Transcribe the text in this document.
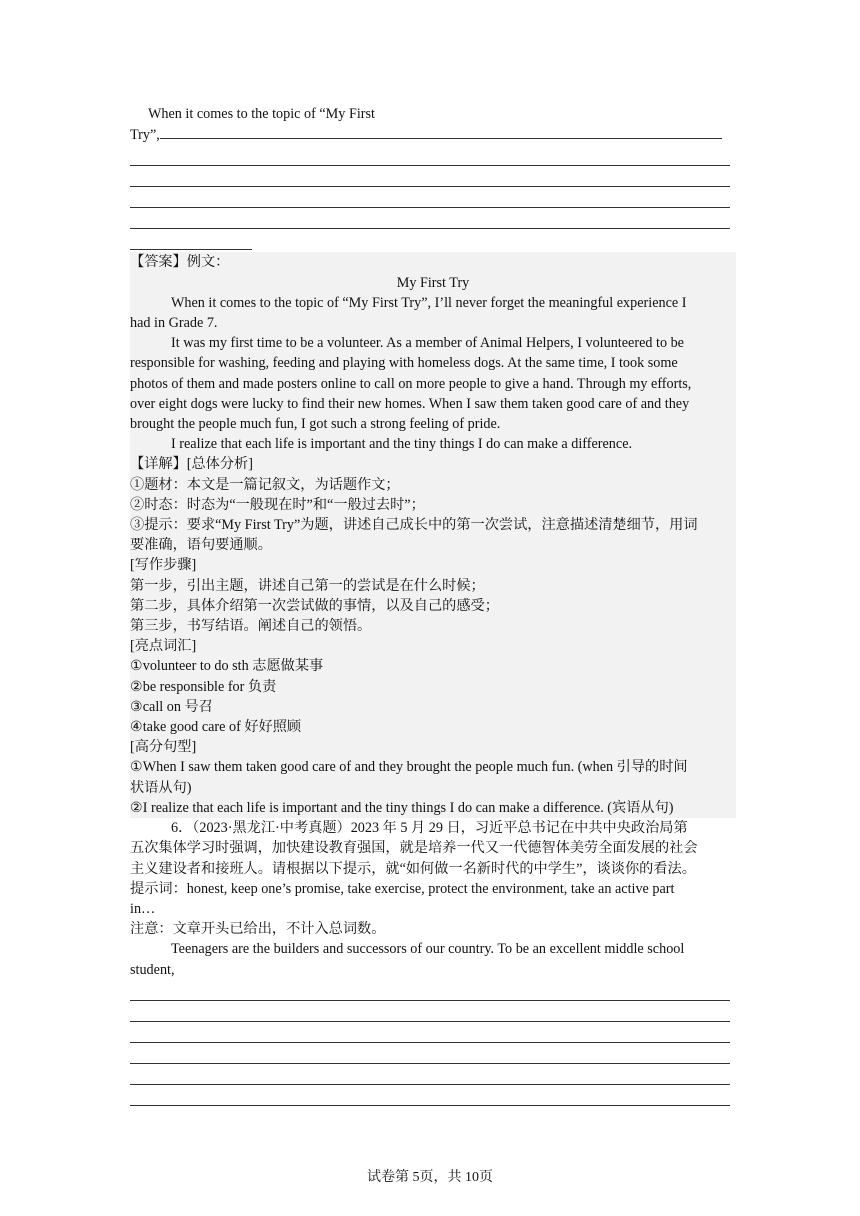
When it comes to the topic of “My First
Try”,
【答案】例文：
My First Try
When it comes to the topic of “My First Try”, I’ll never forget the meaningful experience I
had in Grade 7.
It was my first time to be a volunteer. As a member of Animal Helpers, I volunteered to be
responsible for washing, feeding and playing with homeless dogs. At the same time, I took some
photos of them and made posters online to call on more people to give a hand. Through my efforts,
over eight dogs were lucky to find their new homes. When I saw them taken good care of and they
brought the people much fun, I got such a strong feeling of pride.
I realize that each life is important and the tiny things I do can make a difference.
【详解】[总体分析]
①题材：本文是一篇记叙文，为话题作文；
②时态：时态为“一般现在时”和“一般过去时”；
③提示：要求“My First Try”为题，讲述自己成长中的第一次尝试，注意描述清楚细节，用词
要准确，语句要通顺。
[写作步骤]
第一步，引出主题，讲述自己第一的尝试是在什么时候；
第二步，具体介绍第一次尝试做的事情，以及自己的感受；
第三步，书写结语。阐述自己的领悟。
[亮点词汇]
①volunteer to do sth 志愿做某事
②be responsible for 负责
③call on 号召
④take good care of 好好照顾
[高分句型]
①When I saw them taken good care of and they brought the people much fun. (when 引导的时间
状语从句)
②I realize that each life is important and the tiny things I do can make a difference. (宾语从句)
6．（2023·黑龙江·中考真题）2023 年 5 月 29 日，习近平总书记在中共中央政治局第
五次集体学习时强调，加快建设教育强国，就是培养一代又一代德智体美劳全面发展的社会
主义建设者和接班人。请根据以下提示，就“如何做一名新时代的中学生”，谈谈你的看法。
提示词：honest, keep one’s promise, take exercise, protect the environment, take an active part
in…
注意：文章开头已给出，不计入总词数。
Teenagers are the builders and successors of our country. To be an excellent middle school
student,
试卷第 5页，共 10页
